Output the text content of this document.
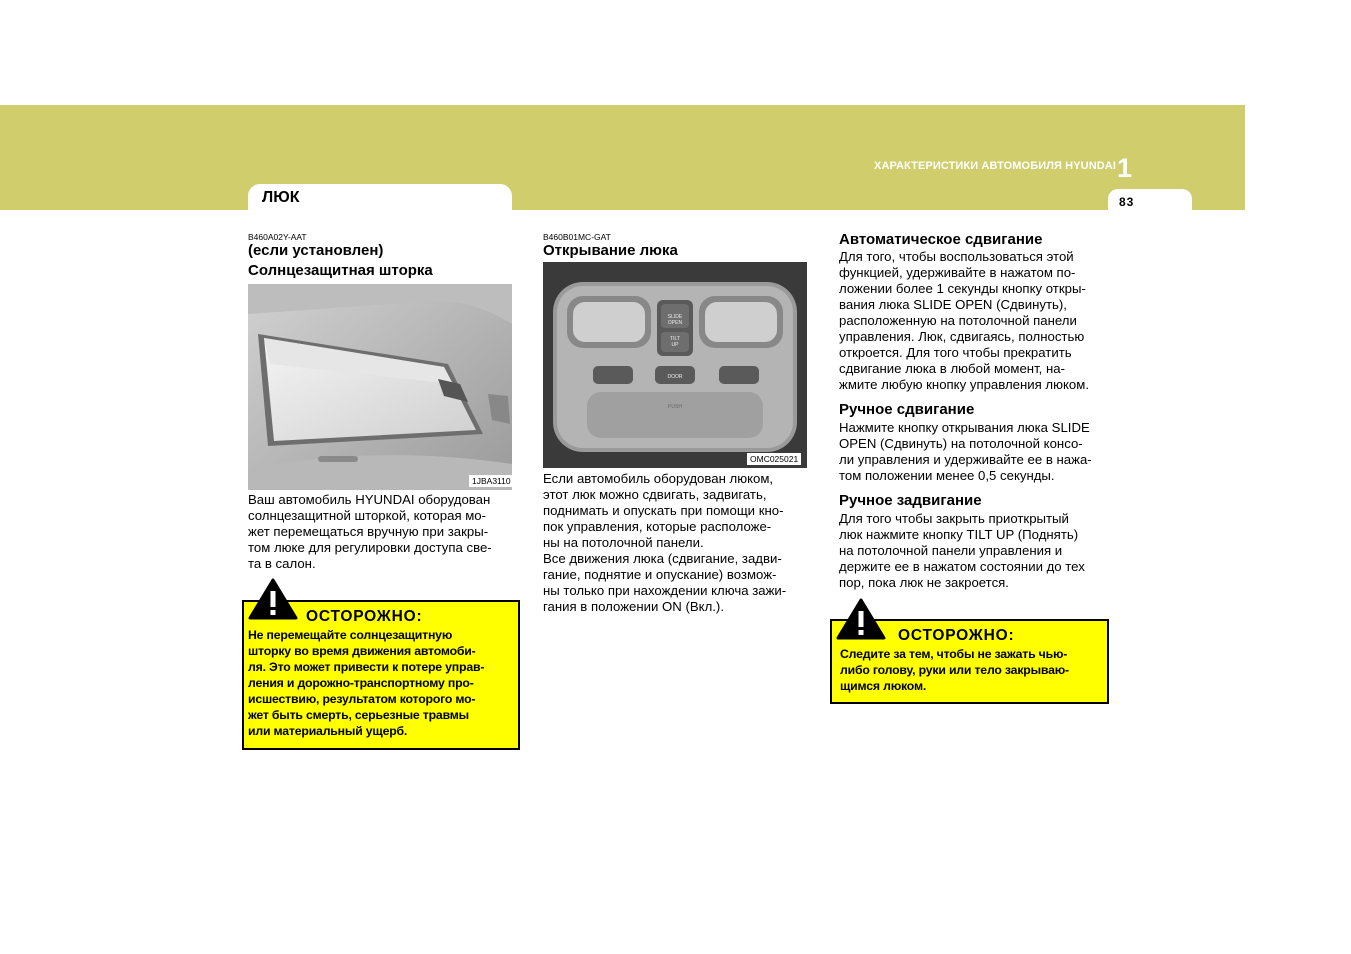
ХАРАКТЕРИСТИКИ АВТОМОБИЛЯ HYUNDAI 1
83
ЛЮК
B460A02Y-AAT
(если установлен)
Солнцезащитная шторка
1JBA3110
Ваш автомобиль HYUNDAI оборудован
солнцезащитной шторкой, которая мо-
жет перемещаться вручную при закры-
том люке для регулировки доступа све-
та в салон.
ОСТОРОЖНО:
Не перемещайте солнцезащитную
шторку во время движения автомоби-
ля. Это может привести к потере управ-
ления и дорожно-транспортному про-
исшествию, результатом которого мо-
жет быть смерть, серьезные травмы
или материальный ущерб.
B460B01MC-GAT
Открывание люка
SLIDE
OPEN
TILT
UP
DOOR
PUSH
OMC025021
Если автомобиль оборудован люком,
этот люк можно сдвигать, задвигать,
поднимать и опускать при помощи кно-
пок управления, которые расположе-
ны на потолочной панели.
Все движения люка (сдвигание, задви-
гание, поднятие и опускание) возмож-
ны только при нахождении ключа зажи-
гания в положении ON (Вкл.).
Автоматическое сдвигание
Для того, чтобы воспользоваться этой
функцией, удерживайте в нажатом по-
ложении более 1 секунды кнопку откры-
вания люка SLIDE OPEN (Сдвинуть),
расположенную на потолочной панели
управления. Люк, сдвигаясь, полностью
откроется. Для того чтобы прекратить
сдвигание люка в любой момент, на-
жмите любую кнопку управления люком.
Ручное сдвигание
Нажмите кнопку открывания люка SLIDE
OPEN (Сдвинуть) на потолочной консо-
ли управления и удерживайте ее в нажа-
том положении менее 0,5 секунды.
Ручное задвигание
Для того чтобы закрыть приоткрытый
люк нажмите кнопку TILT UP (Поднять)
на потолочной панели управления и
держите ее в нажатом состоянии до тех
пор, пока люк не закроется.
ОСТОРОЖНО:
Следите за тем, чтобы не зажать чью-
либо голову, руки или тело закрываю-
щимся люком.
